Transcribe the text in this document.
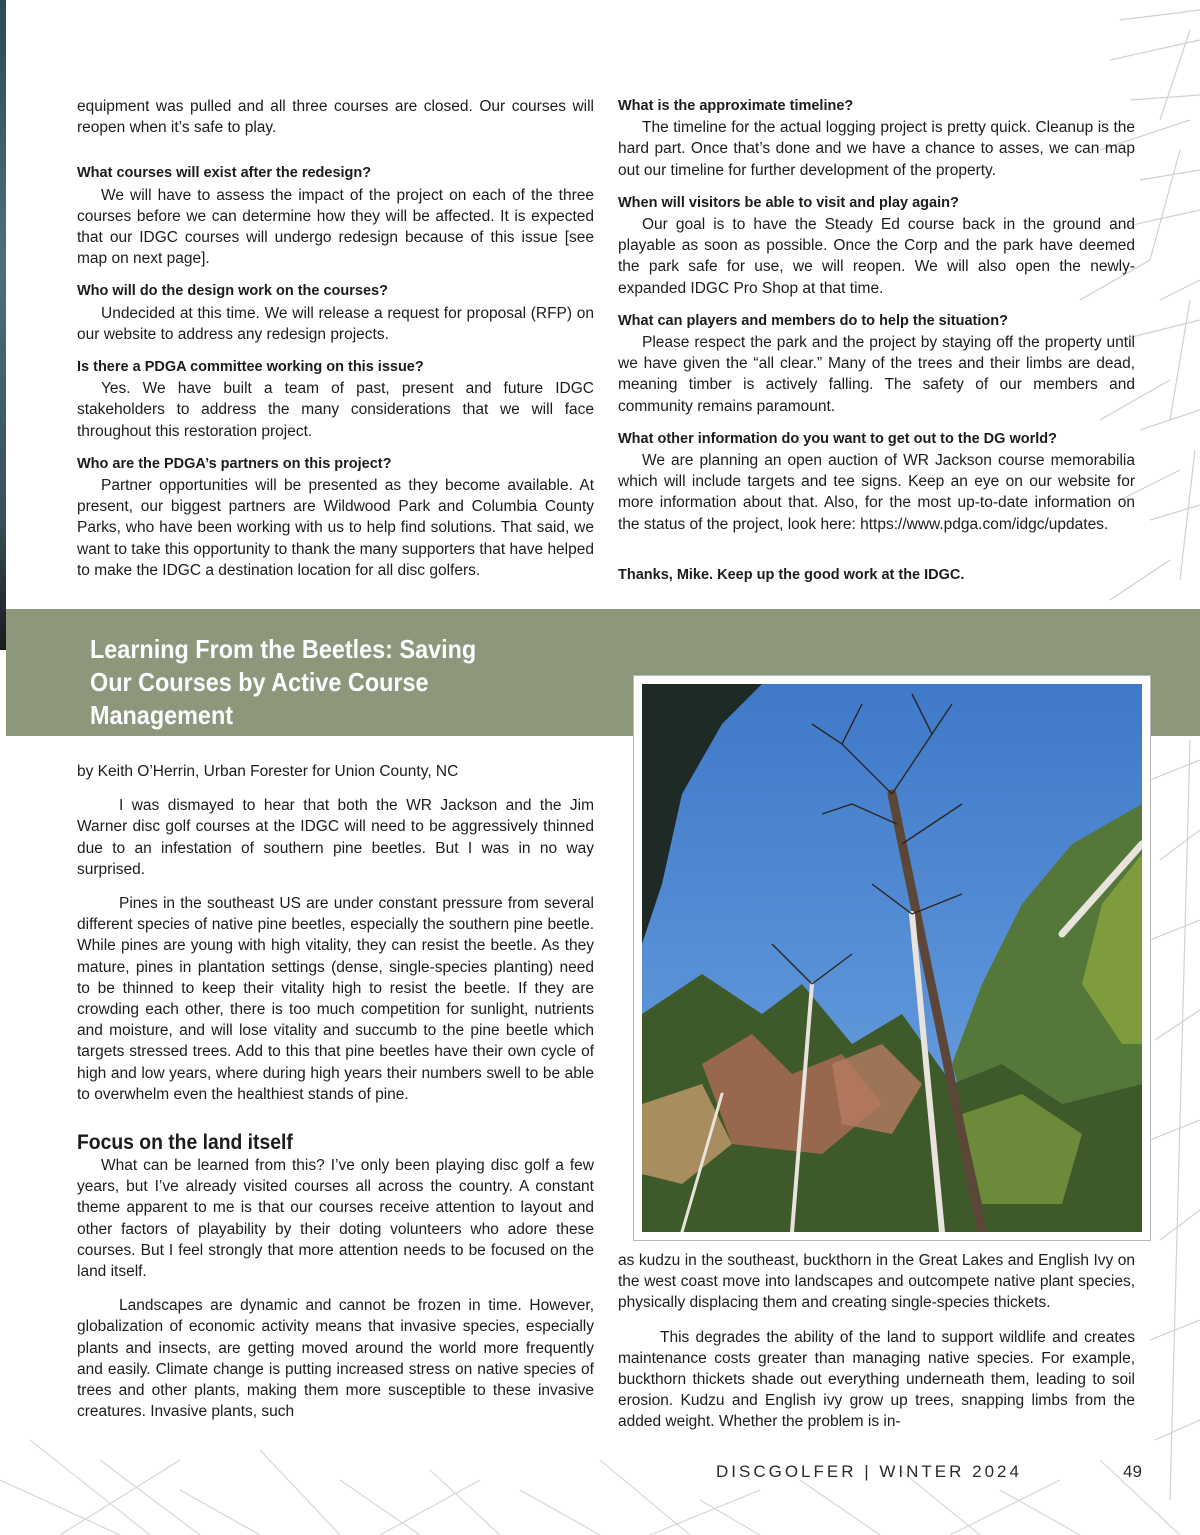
equipment was pulled and all three courses are closed. Our courses will reopen when it’s safe to play.

What courses will exist after the redesign?

We will have to assess the impact of the project on each of the three courses before we can determine how they will be affected. It is expected that our IDGC courses will undergo redesign because of this issue [see map on next page].

Who will do the design work on the courses?

Undecided at this time. We will release a request for proposal (RFP) on our website to address any redesign projects.

Is there a PDGA committee working on this issue?

Yes. We have built a team of past, present and future IDGC stakeholders to address the many considerations that we will face throughout this restoration project.

Who are the PDGA’s partners on this project?

Partner opportunities will be presented as they become available. At present, our biggest partners are Wildwood Park and Columbia County Parks, who have been working with us to help find solutions. That said, we want to take this opportunity to thank the many supporters that have helped to make the IDGC a destination location for all disc golfers.

What is the approximate timeline?

The timeline for the actual logging project is pretty quick. Cleanup is the hard part. Once that’s done and we have a chance to asses, we can map out our timeline for further development of the property.

When will visitors be able to visit and play again?

Our goal is to have the Steady Ed course back in the ground and playable as soon as possible. Once the Corp and the park have deemed the park safe for use, we will reopen. We will also open the newly-expanded IDGC Pro Shop at that time.

What can players and members do to help the situation?

Please respect the park and the project by staying off the property until we have given the “all clear.” Many of the trees and their limbs are dead, meaning timber is actively falling. The safety of our members and community remains paramount.

What other information do you want to get out to the DG world?

We are planning an open auction of WR Jackson course memorabilia which will include targets and tee signs. Keep an eye on our website for more information about that. Also, for the most up-to-date information on the status of the project, look here: https://www.pdga.com/idgc/updates.

Thanks, Mike. Keep up the good work at the IDGC.

Learning From the Beetles: Saving Our Courses by Active Course Management

by Keith O’Herrin, Urban Forester for Union County, NC

I was dismayed to hear that both the WR Jackson and the Jim Warner disc golf courses at the IDGC will need to be aggressively thinned due to an infestation of southern pine beetles. But I was in no way surprised.

Pines in the southeast US are under constant pressure from several different species of native pine beetles, especially the southern pine beetle. While pines are young with high vitality, they can resist the beetle. As they mature, pines in plantation settings (dense, single-species planting) need to be thinned to keep their vitality high to resist the beetle. If they are crowding each other, there is too much competition for sunlight, nutrients and moisture, and will lose vitality and succumb to the pine beetle which targets stressed trees. Add to this that pine beetles have their own cycle of high and low years, where during high years their numbers swell to be able to overwhelm even the healthiest stands of pine.

Focus on the land itself

What can be learned from this? I’ve only been playing disc golf a few years, but I’ve already visited courses all across the country. A constant theme apparent to me is that our courses receive attention to layout and other factors of playability by their doting volunteers who adore these courses. But I feel strongly that more attention needs to be focused on the land itself.

Landscapes are dynamic and cannot be frozen in time. However, globalization of economic activity means that invasive species, especially plants and insects, are getting moved around the world more frequently and easily. Climate change is putting increased stress on native species of trees and other plants, making them more susceptible to these invasive creatures. Invasive plants, such

as kudzu in the southeast, buckthorn in the Great Lakes and English Ivy on the west coast move into landscapes and outcompete native plant species, physically displacing them and creating single-species thickets.

This degrades the ability of the land to support wildlife and creates maintenance costs greater than managing native species. For example, buckthorn thickets shade out everything underneath them, leading to soil erosion. Kudzu and English ivy grow up trees, snapping limbs from the added weight. Whether the problem is in-

DISCGOLFER | WINTER 2024	49
